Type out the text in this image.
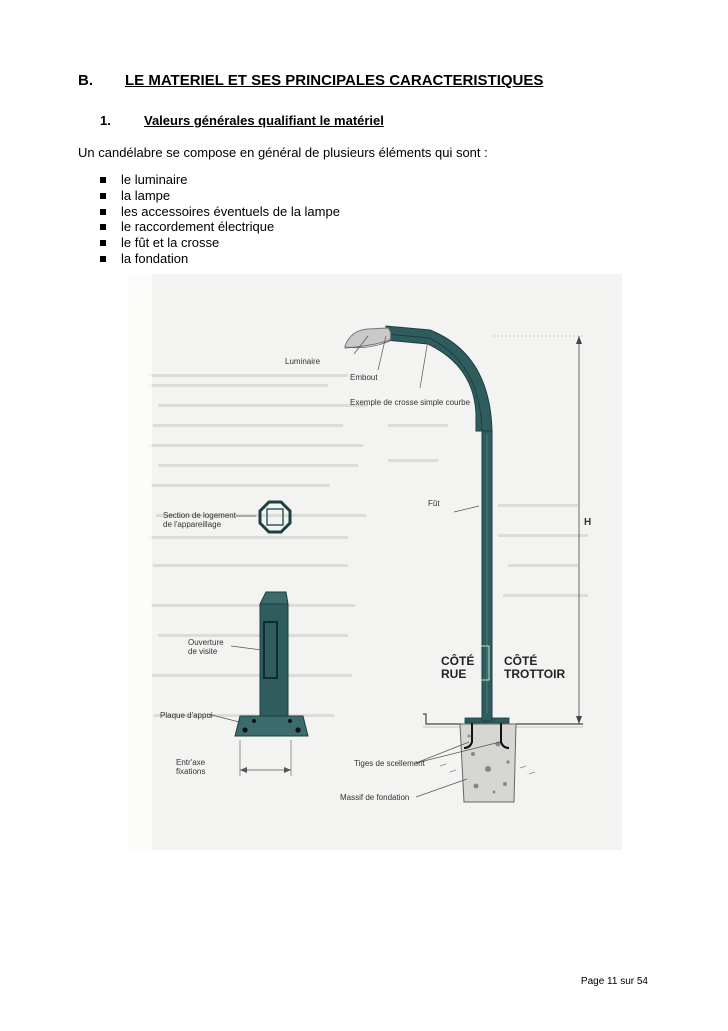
B. LE MATERIEL ET SES PRINCIPALES CARACTERISTIQUES
1.	Valeurs générales qualifiant le matériel
Un candélabre se compose en général de plusieurs éléments qui sont :
le luminaire
la lampe
les accessoires éventuels de la lampe
le raccordement électrique
le fût et la crosse
la fondation
Luminaire
Embout
Exemple de crosse simple courbe
Fût
H
Section de logement
de l'appareillage
Ouverture
de visite
Plaque d'appui
Entr'axe
fixations
CÔTÉ
RUE
CÔTÉ
TROTTOIR
Tiges de scellement
Massif de fondation
Page 11 sur 54
